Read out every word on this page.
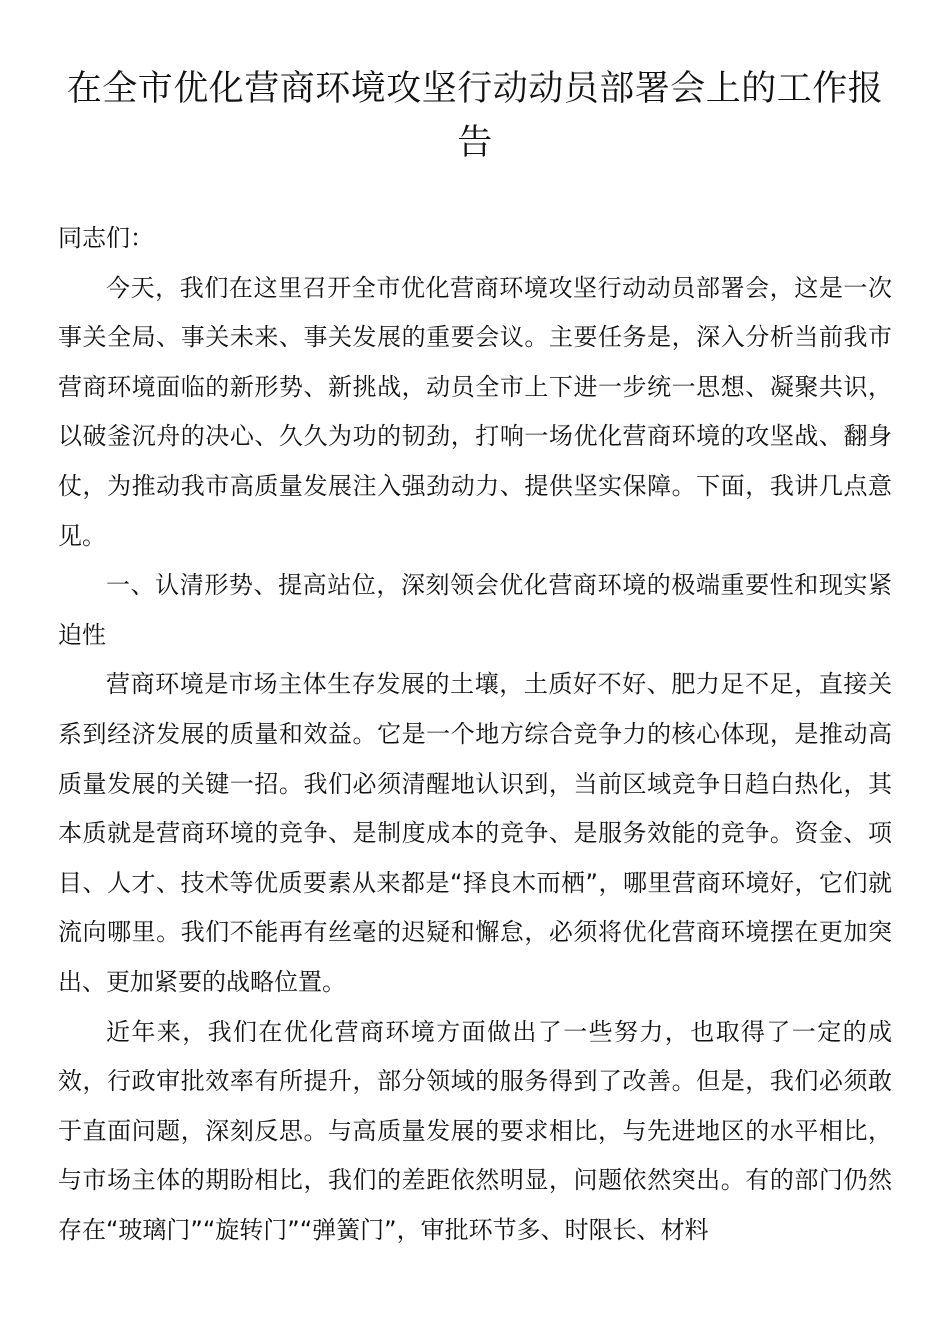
在全市优化营商环境攻坚行动动员部署会上的工作报告

同志们：

今天，我们在这里召开全市优化营商环境攻坚行动动员部署会，这是一次事关全局、事关未来、事关发展的重要会议。主要任务是，深入分析当前我市营商环境面临的新形势、新挑战，动员全市上下进一步统一思想、凝聚共识，以破釜沉舟的决心、久久为功的韧劲，打响一场优化营商环境的攻坚战、翻身仗，为推动我市高质量发展注入强劲动力、提供坚实保障。下面，我讲几点意见。

一、认清形势、提高站位，深刻领会优化营商环境的极端重要性和现实紧迫性

营商环境是市场主体生存发展的土壤，土质好不好、肥力足不足，直接关系到经济发展的质量和效益。它是一个地方综合竞争力的核心体现，是推动高质量发展的关键一招。我们必须清醒地认识到，当前区域竞争日趋白热化，其本质就是营商环境的竞争、是制度成本的竞争、是服务效能的竞争。资金、项目、人才、技术等优质要素从来都是“择良木而栖”，哪里营商环境好，它们就流向哪里。我们不能再有丝毫的迟疑和懈怠，必须将优化营商环境摆在更加突出、更加紧要的战略位置。

近年来，我们在优化营商环境方面做出了一些努力，也取得了一定的成效，行政审批效率有所提升，部分领域的服务得到了改善。但是，我们必须敢于直面问题，深刻反思。与高质量发展的要求相比，与先进地区的水平相比，与市场主体的期盼相比，我们的差距依然明显，问题依然突出。有的部门仍然存在“玻璃门”“旋转门”“弹簧门”，审批环节多、时限长、材料
